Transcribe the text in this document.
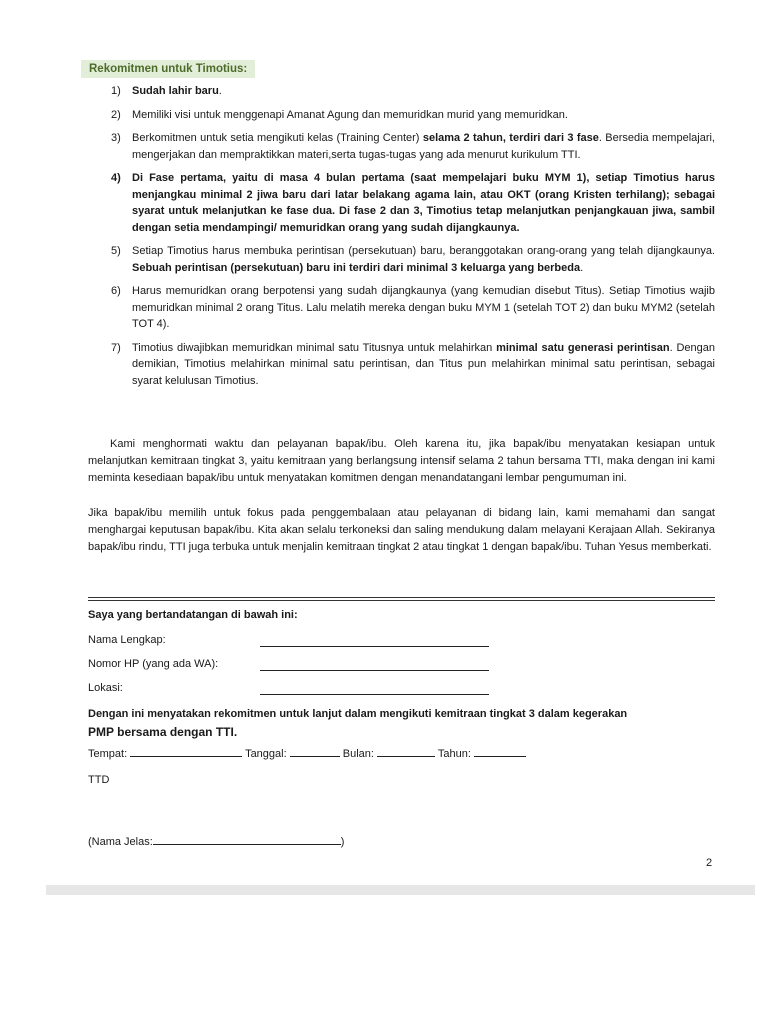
Rekomitmen untuk Timotius:
1) Sudah lahir baru.
2) Memiliki visi untuk menggenapi Amanat Agung dan memuridkan murid yang memuridkan.
3) Berkomitmen untuk setia mengikuti kelas (Training Center) selama 2 tahun, terdiri dari 3 fase. Bersedia mempelajari, mengerjakan dan mempraktikkan materi,serta tugas-tugas yang ada menurut kurikulum TTI.
4) Di Fase pertama, yaitu di masa 4 bulan pertama (saat mempelajari buku MYM 1), setiap Timotius harus menjangkau minimal 2 jiwa baru dari latar belakang agama lain, atau OKT (orang Kristen terhilang); sebagai syarat untuk melanjutkan ke fase dua. Di fase 2 dan 3, Timotius tetap melanjutkan penjangkauan jiwa, sambil dengan setia mendampingi/ memuridkan orang yang sudah dijangkaunya.
5) Setiap Timotius harus membuka perintisan (persekutuan) baru, beranggotakan orang-orang yang telah dijangkaunya. Sebuah perintisan (persekutuan) baru ini terdiri dari minimal 3 keluarga yang berbeda.
6) Harus memuridkan orang berpotensi yang sudah dijangkaunya (yang kemudian disebut Titus). Setiap Timotius wajib memuridkan minimal 2 orang Titus. Lalu melatih mereka dengan buku MYM 1 (setelah TOT 2) dan buku MYM2 (setelah TOT 4).
7) Timotius diwajibkan memuridkan minimal satu Titusnya untuk melahirkan minimal satu generasi perintisan. Dengan demikian, Timotius melahirkan minimal satu perintisan, dan Titus pun melahirkan minimal satu perintisan, sebagai syarat kelulusan Timotius.

Kami menghormati waktu dan pelayanan bapak/ibu. Oleh karena itu, jika bapak/ibu menyatakan kesiapan untuk melanjutkan kemitraan tingkat 3, yaitu kemitraan yang berlangsung intensif selama 2 tahun bersama TTI, maka dengan ini kami meminta kesediaan bapak/ibu untuk menyatakan komitmen dengan menandatangani lembar pengumuman ini.

Jika bapak/ibu memilih untuk fokus pada penggembalaan atau pelayanan di bidang lain, kami memahami dan sangat menghargai keputusan bapak/ibu. Kita akan selalu terkoneksi dan saling mendukung dalam melayani Kerajaan Allah. Sekiranya bapak/ibu rindu, TTI juga terbuka untuk menjalin kemitraan tingkat 2 atau tingkat 1 dengan bapak/ibu. Tuhan Yesus memberkati.

Saya yang bertandatangan di bawah ini:
Nama Lengkap:
Nomor HP (yang ada WA):
Lokasi:
Dengan ini menyatakan rekomitmen untuk lanjut dalam mengikuti kemitraan tingkat 3 dalam kegerakan
PMP bersama dengan TTI.
Tempat:	Tanggal:	Bulan:	Tahun:
TTD
(Nama Jelas:	)
2
